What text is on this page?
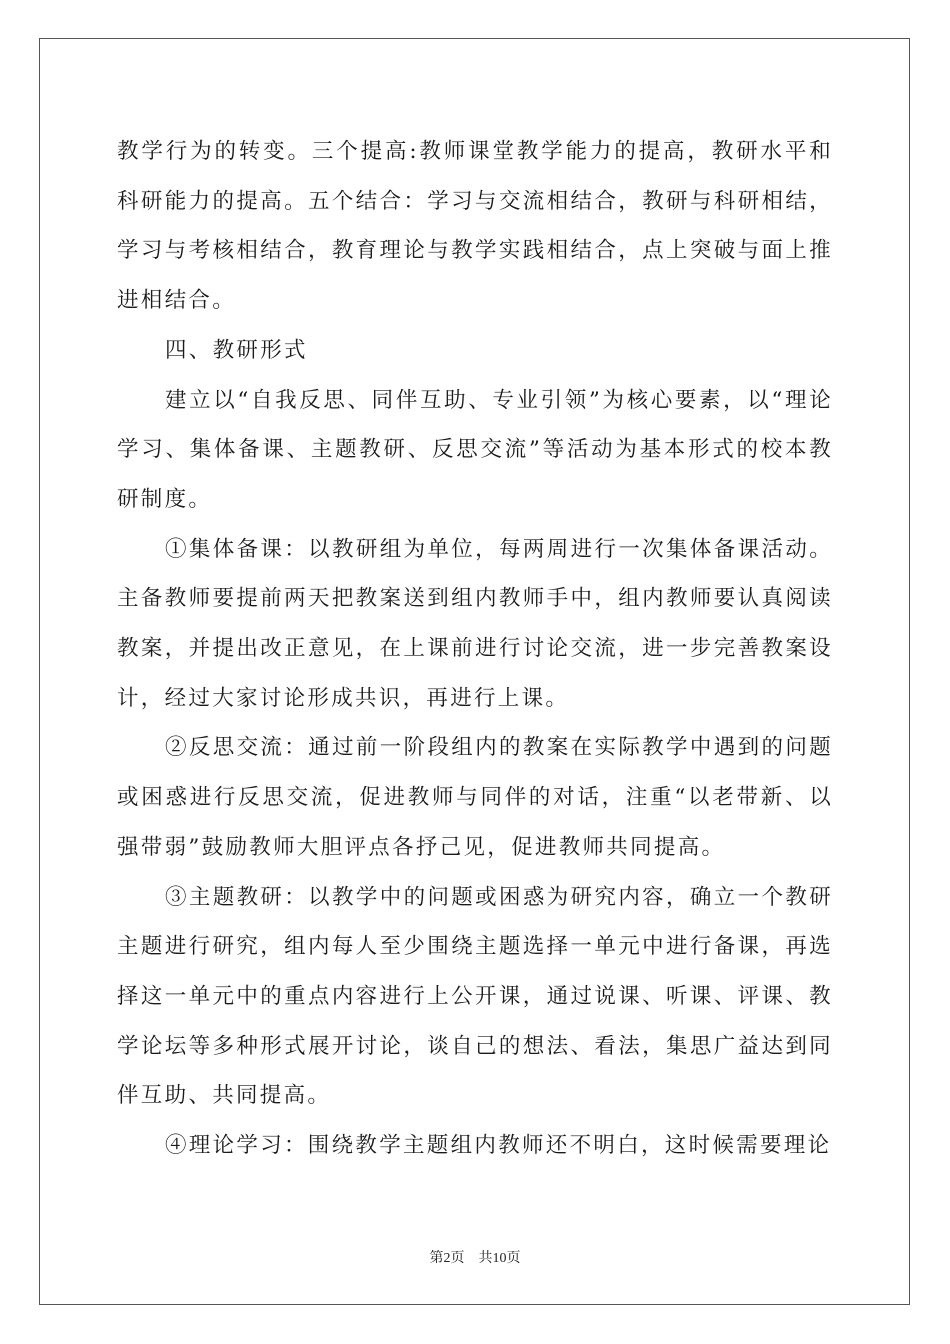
教学行为的转变。三个提高:教师课堂教学能力的提高，教研水平和科研能力的提高。五个结合：学习与交流相结合，教研与科研相结，学习与考核相结合，教育理论与教学实践相结合，点上突破与面上推进相结合。

四、教研形式

建立以“自我反思、同伴互助、专业引领”为核心要素，以“理论学习、集体备课、主题教研、反思交流”等活动为基本形式的校本教研制度。

①集体备课：以教研组为单位，每两周进行一次集体备课活动。主备教师要提前两天把教案送到组内教师手中，组内教师要认真阅读教案，并提出改正意见，在上课前进行讨论交流，进一步完善教案设计，经过大家讨论形成共识，再进行上课。

②反思交流：通过前一阶段组内的教案在实际教学中遇到的问题或困惑进行反思交流，促进教师与同伴的对话，注重“以老带新、以强带弱”鼓励教师大胆评点各抒己见，促进教师共同提高。

③主题教研：以教学中的问题或困惑为研究内容，确立一个教研主题进行研究，组内每人至少围绕主题选择一单元中进行备课，再选择这一单元中的重点内容进行上公开课，通过说课、听课、评课、教学论坛等多种形式展开讨论，谈自己的想法、看法，集思广益达到同伴互助、共同提高。

④理论学习：围绕教学主题组内教师还不明白，这时候需要理论

第2页 共10页
